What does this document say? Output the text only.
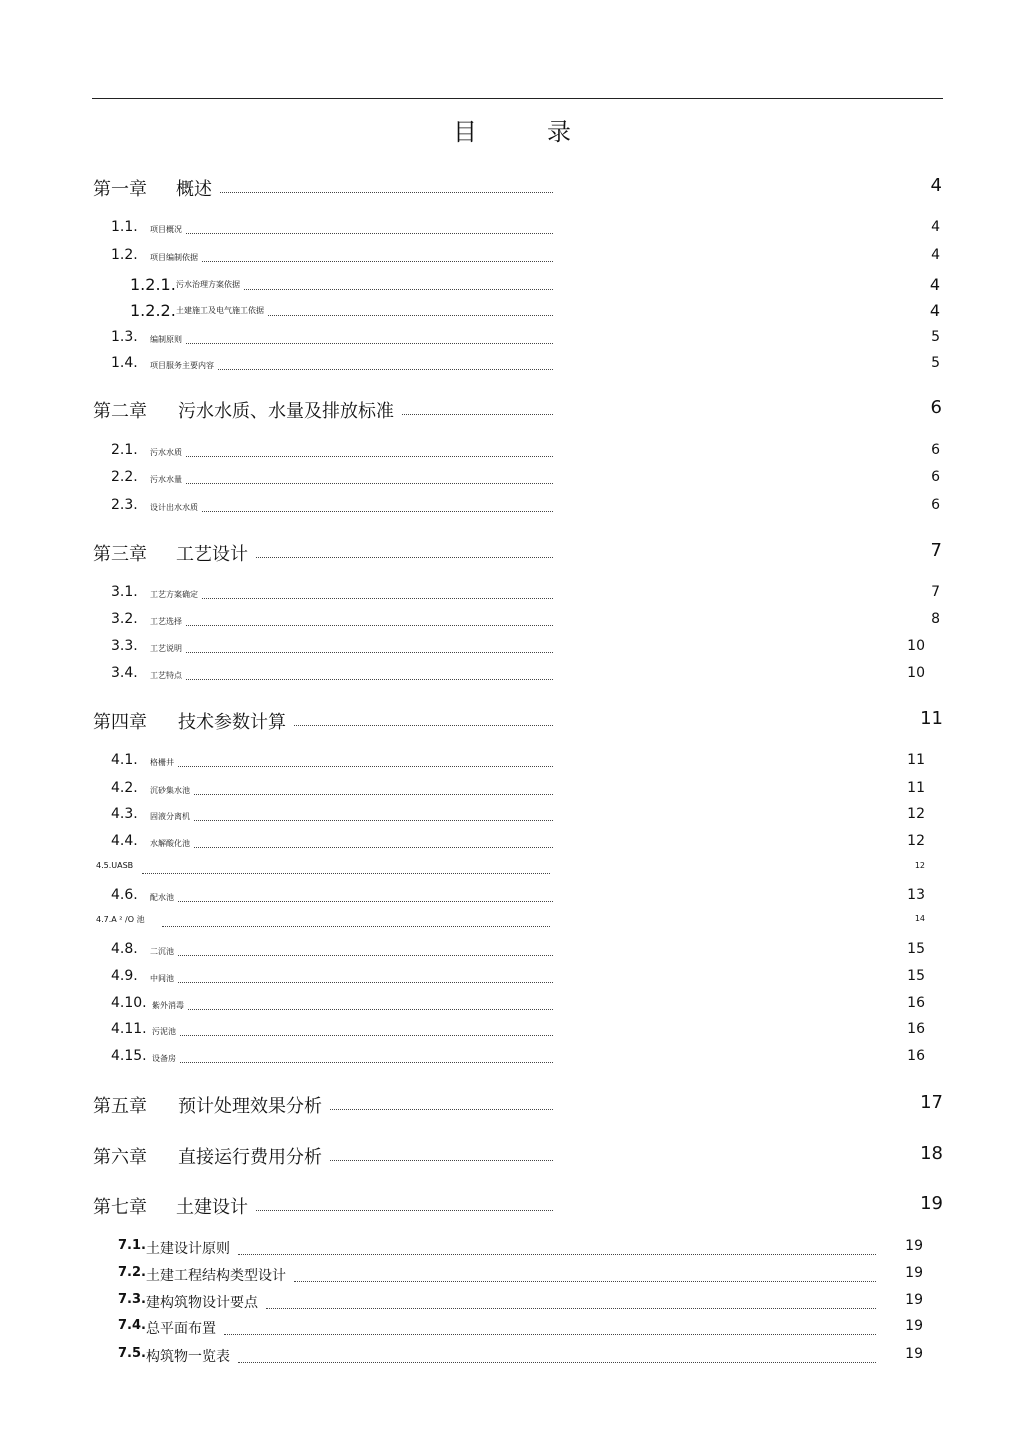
目	录
第一章 概述	4
1.1. 项目概况	4
1.2. 项目编制依据	4
1.2.1. 污水治理方案依据	4
1.2.2. 土建施工及电气施工依据	4
1.3. 编制原则	5
1.4. 项目服务主要内容	5
第二章 污水水质、水量及排放标准	6
2.1. 污水水质	6
2.2. 污水水量	6
2.3. 设计出水水质	6
第三章 工艺设计	7
3.1. 工艺方案确定	7
3.2. 工艺选择	8
3.3. 工艺说明	10
3.4. 工艺特点	10
第四章 技术参数计算	11
4.1. 格栅井	11
4.2. 沉砂集水池	11
4.3. 固液分离机	12
4.4. 水解酸化池	12
4.5.UASB	12
4.6. 配水池	13
4.7.A ² /O 池	14
4.8. 二沉池	15
4.9. 中间池	15
4.10. 紫外消毒	16
4.11. 污泥池	16
4.15. 设备房	16
第五章 预计处理效果分析	17
第六章 直接运行费用分析	18
第七章 土建设计	19
7.1. 土建设计原则	19
7.2. 土建工程结构类型设计	19
7.3. 建构筑物设计要点	19
7.4. 总平面布置	19
7.5. 构筑物一览表	19
